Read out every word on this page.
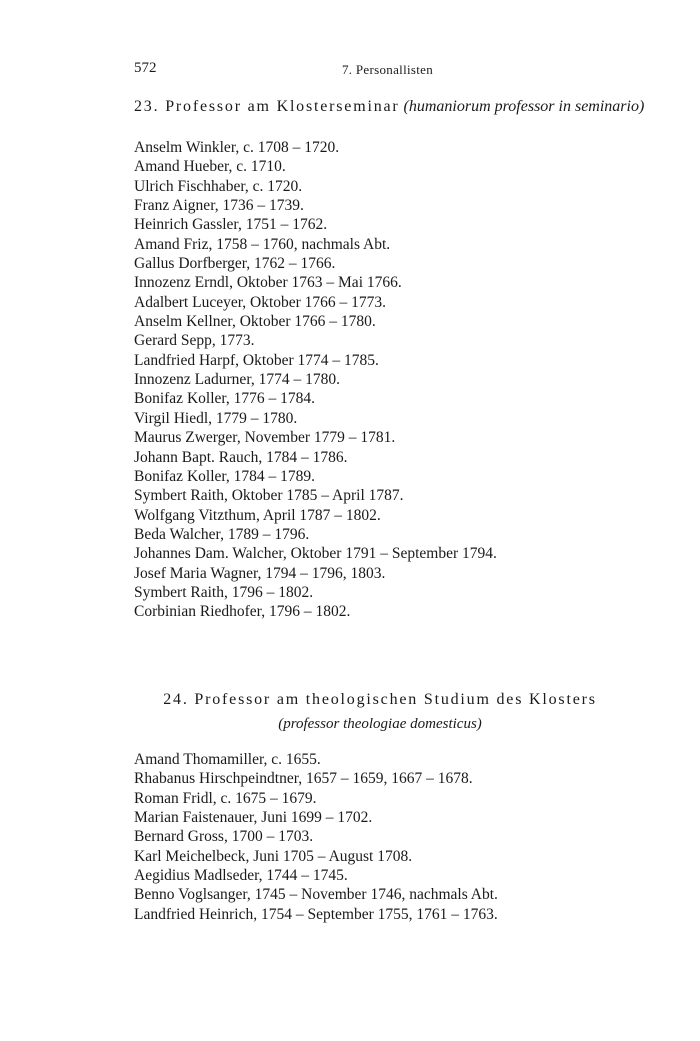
572	7. Personallisten
23. Professor am Klosterseminar (humaniorum professor in seminario)
Anselm Winkler, c. 1708 – 1720.
Amand Hueber, c. 1710.
Ulrich Fischhaber, c. 1720.
Franz Aigner, 1736 – 1739.
Heinrich Gassler, 1751 – 1762.
Amand Friz, 1758 – 1760, nachmals Abt.
Gallus Dorfberger, 1762 – 1766.
Innozenz Erndl, Oktober 1763 – Mai 1766.
Adalbert Luceyer, Oktober 1766 – 1773.
Anselm Kellner, Oktober 1766 – 1780.
Gerard Sepp, 1773.
Landfried Harpf, Oktober 1774 – 1785.
Innozenz Ladurner, 1774 – 1780.
Bonifaz Koller, 1776 – 1784.
Virgil Hiedl, 1779 – 1780.
Maurus Zwerger, November 1779 – 1781.
Johann Bapt. Rauch, 1784 – 1786.
Bonifaz Koller, 1784 – 1789.
Symbert Raith, Oktober 1785 – April 1787.
Wolfgang Vitzthum, April 1787 – 1802.
Beda Walcher, 1789 – 1796.
Johannes Dam. Walcher, Oktober 1791 – September 1794.
Josef Maria Wagner, 1794 – 1796, 1803.
Symbert Raith, 1796 – 1802.
Corbinian Riedhofer, 1796 – 1802.
24. Professor am theologischen Studium des Klosters
(professor theologiae domesticus)
Amand Thomamiller, c. 1655.
Rhabanus Hirschpeindtner, 1657 – 1659, 1667 – 1678.
Roman Fridl, c. 1675 – 1679.
Marian Faistenauer, Juni 1699 – 1702.
Bernard Gross, 1700 – 1703.
Karl Meichelbeck, Juni 1705 – August 1708.
Aegidius Madlseder, 1744 – 1745.
Benno Voglsanger, 1745 – November 1746, nachmals Abt.
Landfried Heinrich, 1754 – September 1755, 1761 – 1763.
